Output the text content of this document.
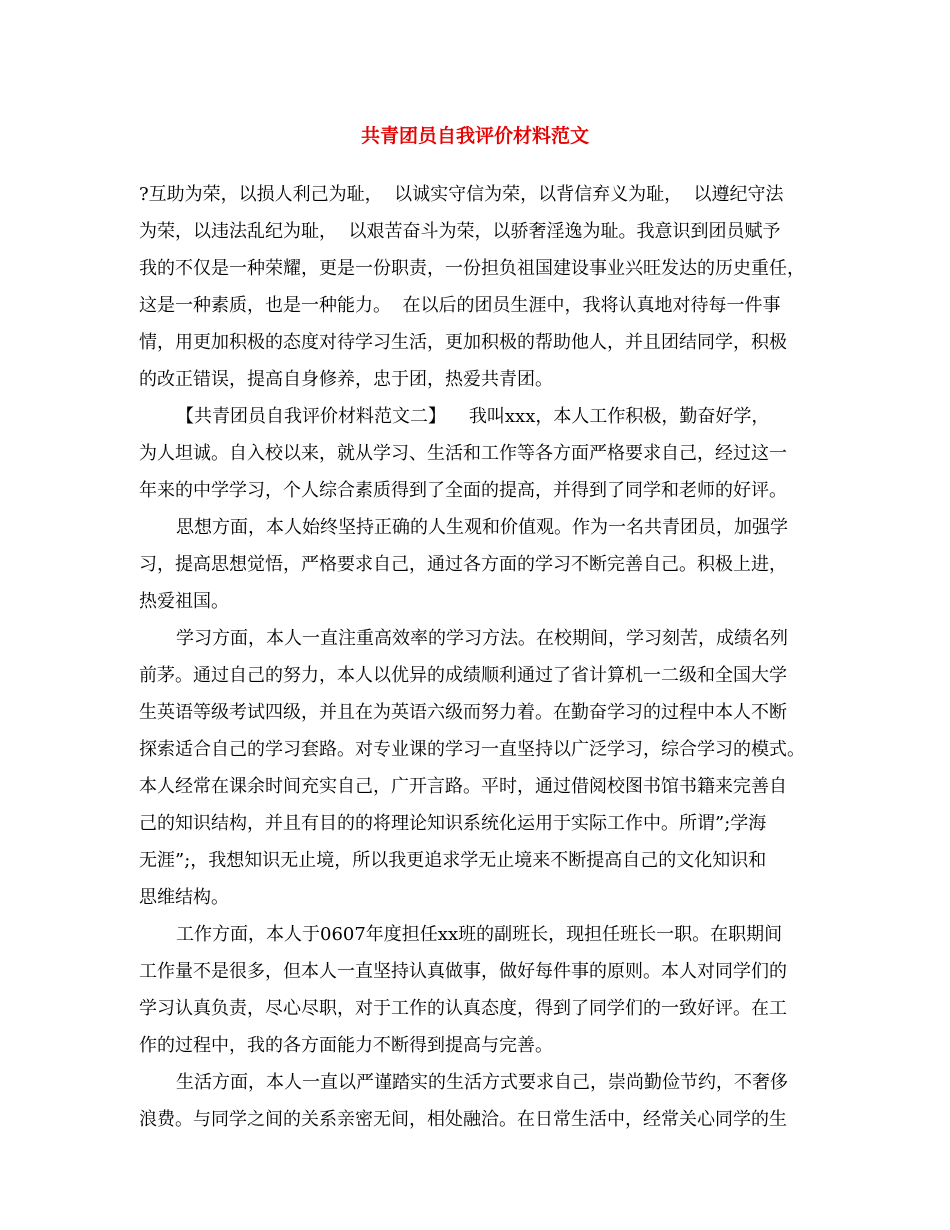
共青团员自我评价材料范文
?互助为荣，以损人利己为耻，  以诚实守信为荣，以背信弃义为耻，  以遵纪守法
为荣，以违法乱纪为耻，  以艰苦奋斗为荣，以骄奢淫逸为耻。我意识到团员赋予
我的不仅是一种荣耀，更是一份职责，一份担负祖国建设事业兴旺发达的历史重任，
这是一种素质，也是一种能力。  在以后的团员生涯中，我将认真地对待每一件事
情，用更加积极的态度对待学习生活，更加积极的帮助他人，并且团结同学，积极
的改正错误，提高自身修养，忠于团，热爱共青团。
【共青团员自我评价材料范文二】    我叫xxx，本人工作积极，勤奋好学，
为人坦诚。自入校以来，就从学习、生活和工作等各方面严格要求自己，经过这一
年来的中学学习，个人综合素质得到了全面的提高，并得到了同学和老师的好评。
思想方面，本人始终坚持正确的人生观和价值观。作为一名共青团员，加强学
习，提高思想觉悟，严格要求自己，通过各方面的学习不断完善自己。积极上进，
热爱祖国。
学习方面，本人一直注重高效率的学习方法。在校期间，学习刻苦，成绩名列
前茅。通过自己的努力，本人以优异的成绩顺利通过了省计算机一二级和全国大学
生英语等级考试四级，并且在为英语六级而努力着。在勤奋学习的过程中本人不断
探索适合自己的学习套路。对专业课的学习一直坚持以广泛学习，综合学习的模式。
本人经常在课余时间充实自己，广开言路。平时，通过借阅校图书馆书籍来完善自
己的知识结构，并且有目的的将理论知识系统化运用于实际工作中。所谓”;学海
无涯”;，我想知识无止境，所以我更追求学无止境来不断提高自己的文化知识和
思维结构。
工作方面，本人于0607年度担任xx班的副班长，现担任班长一职。在职期间
工作量不是很多，但本人一直坚持认真做事，做好每件事的原则。本人对同学们的
学习认真负责，尽心尽职，对于工作的认真态度，得到了同学们的一致好评。在工
作的过程中，我的各方面能力不断得到提高与完善。
生活方面，本人一直以严谨踏实的生活方式要求自己，崇尚勤俭节约，不奢侈
浪费。与同学之间的关系亲密无间，相处融洽。在日常生活中，经常关心同学的生
